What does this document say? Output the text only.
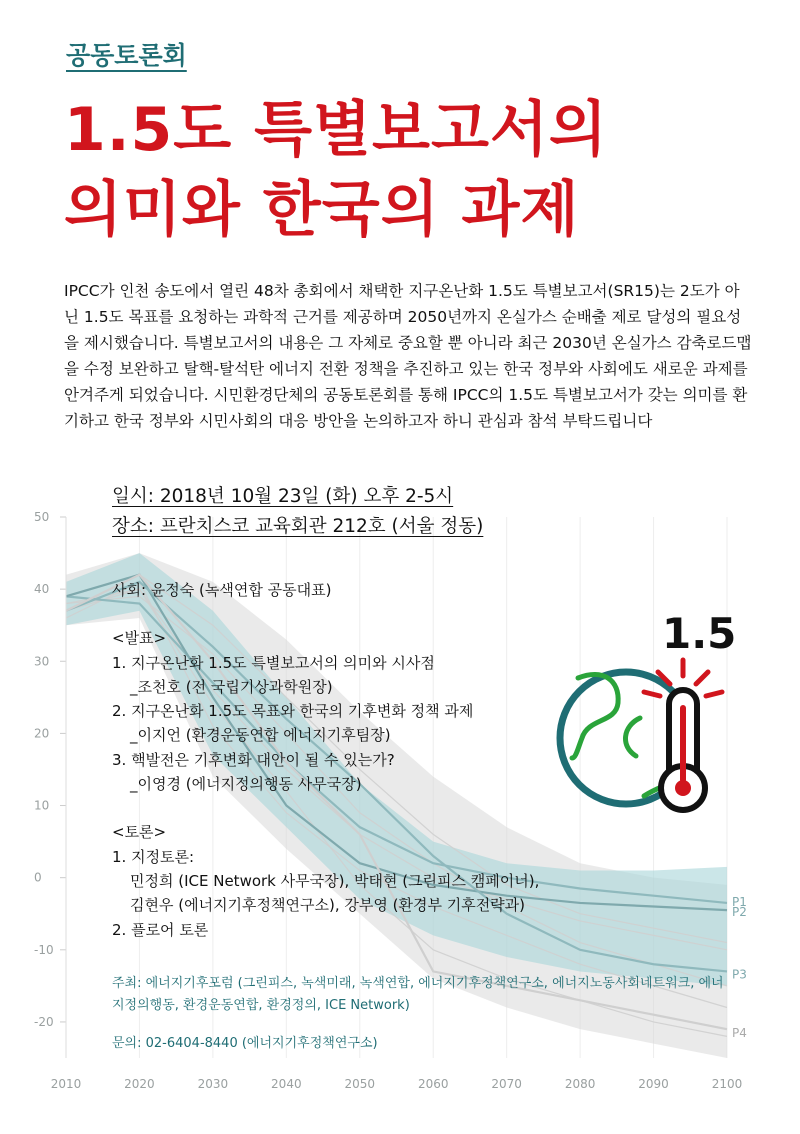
50
40
30
20
10
0
-10
-20
2010	2020	2030	2040	2050	2060	2070	2080	2090	2100
P1
P2
P3
P4
공동토론회
1.5도 특별보고서의
의미와 한국의 과제

IPCC가 인천 송도에서 열린 48차 총회에서 채택한 지구온난화 1.5도 특별보고서(SR15)는 2도가 아닌 1.5도 목표를 요청하는 과학적 근거를 제공하며 2050년까지 온실가스 순배출 제로 달성의 필요성을 제시했습니다. 특별보고서의 내용은 그 자체로 중요할 뿐 아니라 최근 2030년 온실가스 감축로드맵을 수정 보완하고 탈핵-탈석탄 에너지 전환 정책을 추진하고 있는 한국 정부와 사회에도 새로운 과제를 안겨주게 되었습니다. 시민환경단체의 공동토론회를 통해 IPCC의 1.5도 특별보고서가 갖는 의미를 환기하고 한국 정부와 시민사회의 대응 방안을 논의하고자 하니 관심과 참석 부탁드립니다

일시: 2018년 10월 23일 (화) 오후 2-5시
장소: 프란치스코 교육회관 212호 (서울 정동)
사회: 윤정숙 (녹색연합 공동대표)
<발표>
1. 지구온난화 1.5도 특별보고서의 의미와 시사점
_조천호 (전 국립기상과학원장)
2. 지구온난화 1.5도 목표와 한국의 기후변화 정책 과제
_이지언 (환경운동연합 에너지기후팀장)
3. 핵발전은 기후변화 대안이 될 수 있는가?
_이영경 (에너지정의행동 사무국장)
<토론>
1. 지정토론:
민정희 (ICE Network 사무국장), 박태현 (그린피스 캠페이너),
김현우 (에너지기후정책연구소), 강부영 (환경부 기후전략과)
2. 플로어 토론
주최: 에너지기후포럼 (그린피스, 녹색미래, 녹색연합, 에너지기후정책연구소, 에너지노동사회네트워크, 에너지정의행동, 환경운동연합, 환경정의, ICE Network)
문의: 02-6404-8440 (에너지기후정책연구소)
1.5
